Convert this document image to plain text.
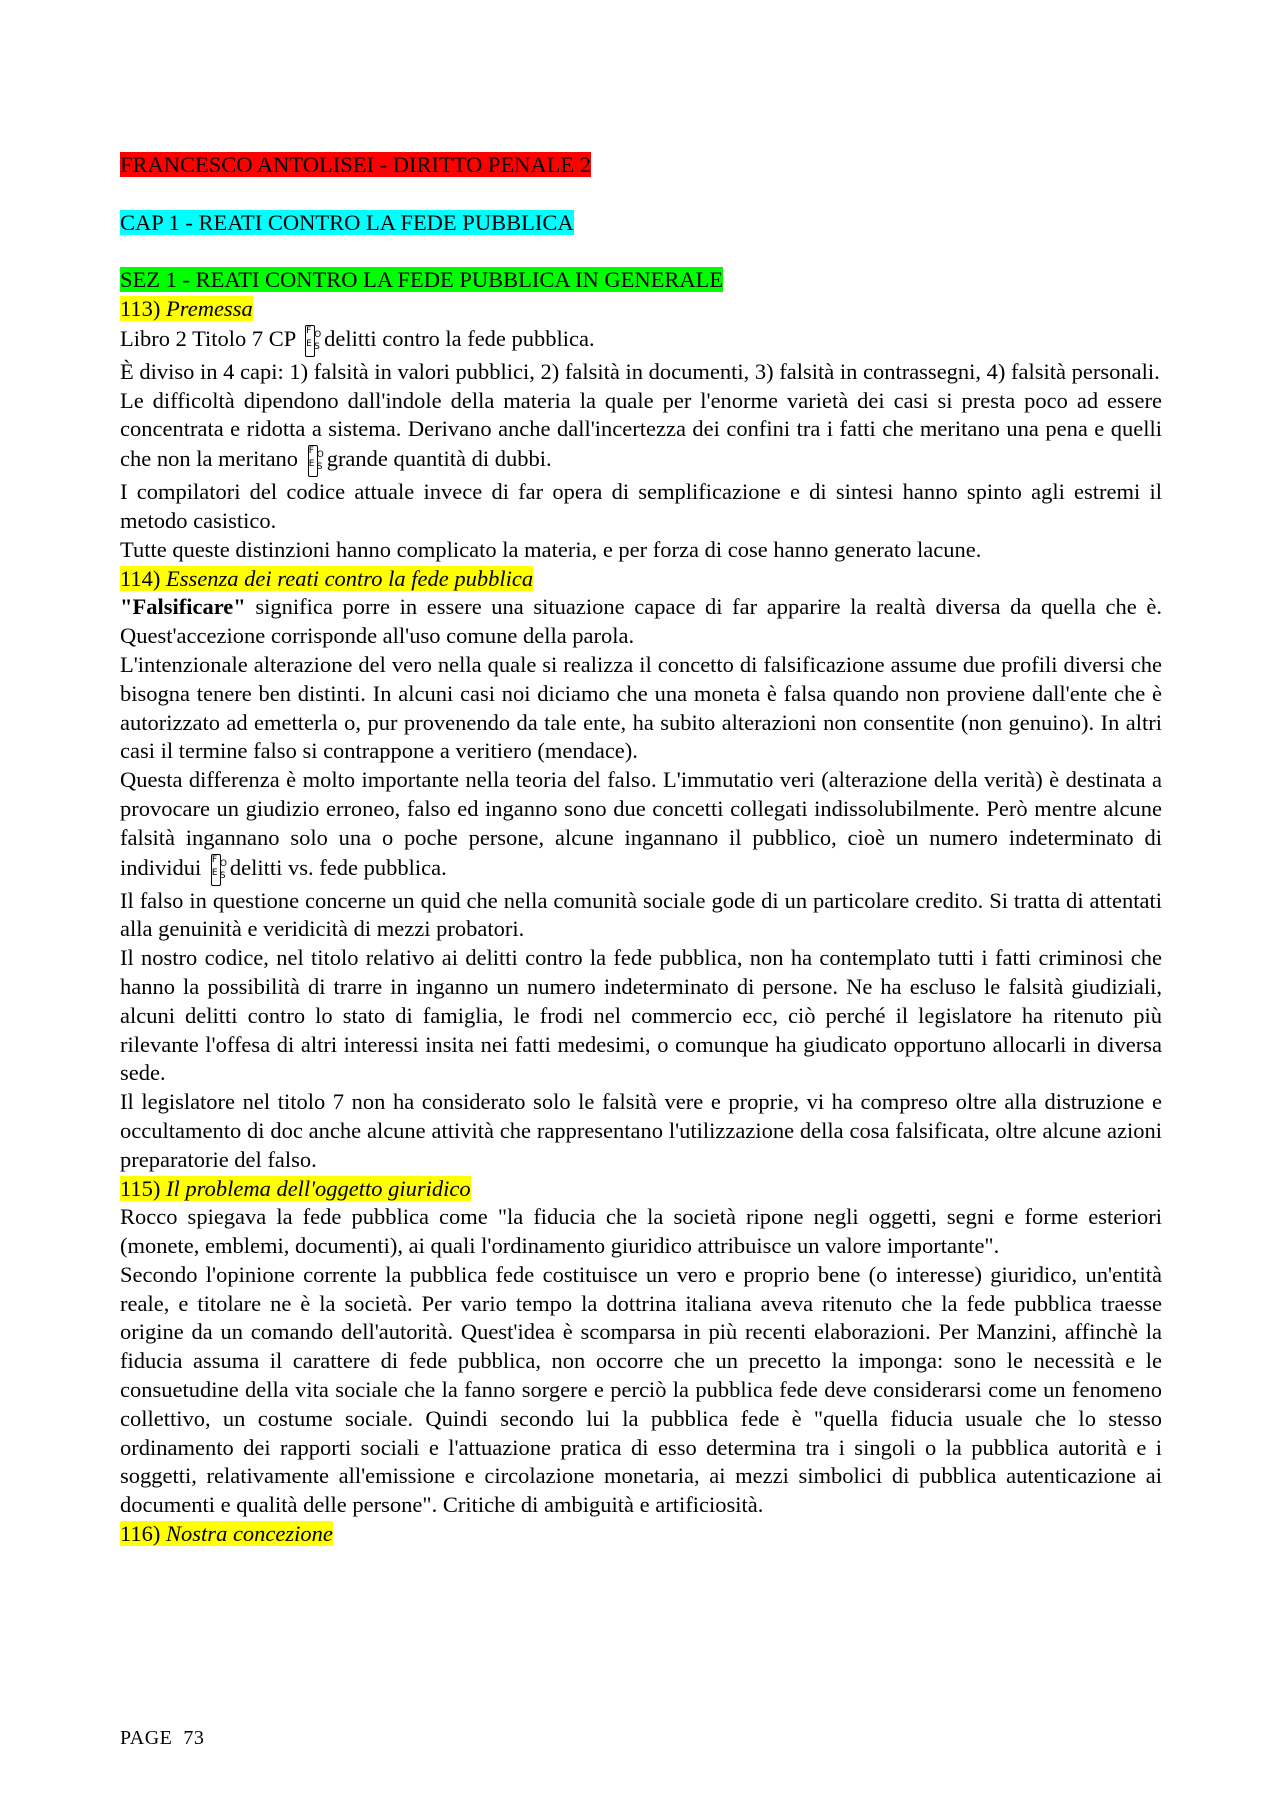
FRANCESCO ANTOLISEI - DIRITTO PENALE 2
CAP 1 - REATI CONTRO LA FEDE PUBBLICA
SEZ 1 - REATI CONTRO LA FEDE PUBBLICA IN GENERALE
113) Premessa

Libro 2 Titolo 7 CP F O
E S delitti contro la fede pubblica.

È diviso in 4 capi: 1) falsità in valori pubblici, 2) falsità in documenti, 3) falsità in contrassegni, 4) falsità personali.

Le difficoltà dipendono dall'indole della materia la quale per l'enorme varietà dei casi si presta poco ad essere concentrata e ridotta a sistema. Derivano anche dall'incertezza dei confini tra i fatti che meritano una pena e quelli che non la meritano F O
E S grande quantità di dubbi.

I compilatori del codice attuale invece di far opera di semplificazione e di sintesi hanno spinto agli estremi il metodo casistico.

Tutte queste distinzioni hanno complicato la materia, e per forza di cose hanno generato lacune.

114) Essenza dei reati contro la fede pubblica

"Falsificare" significa porre in essere una situazione capace di far apparire la realtà diversa da quella che è. Quest'accezione corrisponde all'uso comune della parola.

L'intenzionale alterazione del vero nella quale si realizza il concetto di falsificazione assume due profili diversi che bisogna tenere ben distinti. In alcuni casi noi diciamo che una moneta è falsa quando non proviene dall'ente che è autorizzato ad emetterla o, pur provenendo da tale ente, ha subito alterazioni non consentite (non genuino). In altri casi il termine falso si contrappone a veritiero (mendace).

Questa differenza è molto importante nella teoria del falso. L'immutatio veri (alterazione della verità) è destinata a provocare un giudizio erroneo, falso ed inganno sono due concetti collegati indissolubilmente. Però mentre alcune falsità ingannano solo una o poche persone, alcune ingannano il pubblico, cioè un numero indeterminato di individui F O
E S delitti vs. fede pubblica.

Il falso in questione concerne un quid che nella comunità sociale gode di un particolare credito. Si tratta di attentati alla genuinità e veridicità di mezzi probatori.

Il nostro codice, nel titolo relativo ai delitti contro la fede pubblica, non ha contemplato tutti i fatti criminosi che hanno la possibilità di trarre in inganno un numero indeterminato di persone. Ne ha escluso le falsità giudiziali, alcuni delitti contro lo stato di famiglia, le frodi nel commercio ecc, ciò perché il legislatore ha ritenuto più rilevante l'offesa di altri interessi insita nei fatti medesimi, o comunque ha giudicato opportuno allocarli in diversa sede.

Il legislatore nel titolo 7 non ha considerato solo le falsità vere e proprie, vi ha compreso oltre alla distruzione e occultamento di doc anche alcune attività che rappresentano l'utilizzazione della cosa falsificata, oltre alcune azioni preparatorie del falso.

115) Il problema dell'oggetto giuridico

Rocco spiegava la fede pubblica come "la fiducia che la società ripone negli oggetti, segni e forme esteriori (monete, emblemi, documenti), ai quali l'ordinamento giuridico attribuisce un valore importante".

Secondo l'opinione corrente la pubblica fede costituisce un vero e proprio bene (o interesse) giuridico, un'entità reale, e titolare ne è la società. Per vario tempo la dottrina italiana aveva ritenuto che la fede pubblica traesse origine da un comando dell'autorità. Quest'idea è scomparsa in più recenti elaborazioni. Per Manzini, affinchè la fiducia assuma il carattere di fede pubblica, non occorre che un precetto la imponga: sono le necessità e le consuetudine della vita sociale che la fanno sorgere e perciò la pubblica fede deve considerarsi come un fenomeno collettivo, un costume sociale. Quindi secondo lui la pubblica fede è "quella fiducia usuale che lo stesso ordinamento dei rapporti sociali e l'attuazione pratica di esso determina tra i singoli o la pubblica autorità e i soggetti, relativamente all'emissione e circolazione monetaria, ai mezzi simbolici di pubblica autenticazione ai documenti e qualità delle persone". Critiche di ambiguità e artificiosità.

116) Nostra concezione
PAGE 73
